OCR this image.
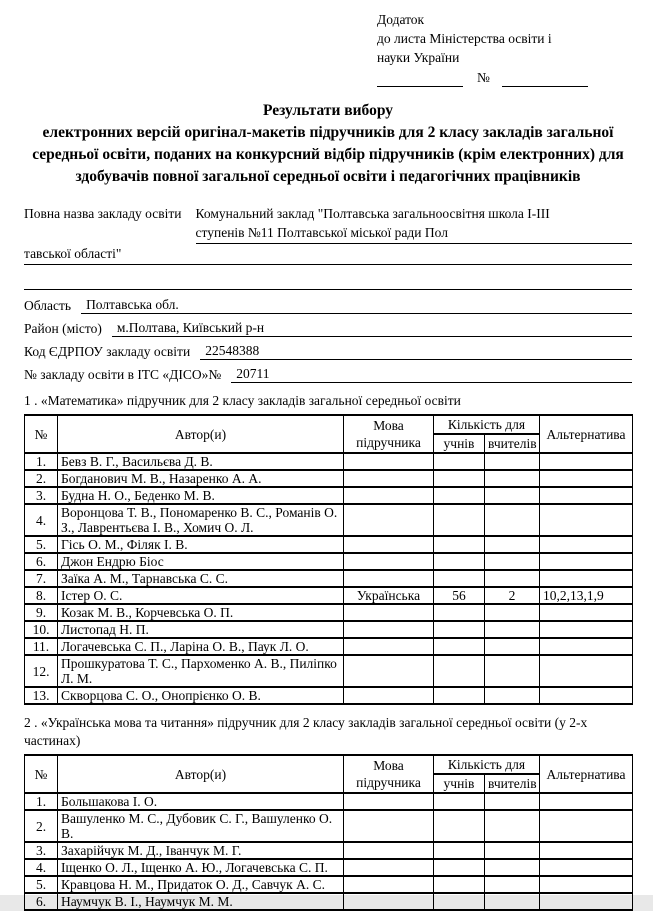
Додаток
до листа Міністерства освіти і
науки України
№
Результати вибору
електронних версій оригінал-макетів підручників для 2 класу закладів загальної середньої освіти, поданих на конкурсний відбір підручників (крім електронних) для здобувачів повної загальної середньої освіти і педагогічних працівників
Повна назва закладу освіти	Комунальний заклад "Полтавська загальноосвітня школа І-ІІІ
ступенів №11 Полтавської міської ради Пол
тавської області"
Область	Полтавська обл.
Район (місто)	м.Полтава, Київський р-н
Код ЄДРПОУ закладу освіти	22548388
№ закладу освіти в ІТС «ДІСО»№	20711
1 . «Математика» підручник для 2 класу закладів загальної середньої освіти
№	Автор(и)	Мова підручника	Кількість для		Альтернатива
			учнів	вчителів	
1.	Бевз В. Г., Васильєва Д. В.				
2.	Богданович М. В., Назаренко А. А.				
3.	Будна Н. О., Беденко М. В.				
4.	Воронцова Т. В., Пономаренко В. С., Романів О. З., Лаврентьєва І. В., Хомич О. Л.				
5.	Гісь О. М., Філяк І. В.				
6.	Джон Ендрю Біос				
7.	Заїка А. М., Тарнавська С. С.				
8.	Істер О. С.	Українська	56	2	10,2,13,1,9
9.	Козак М. В., Корчевська О. П.				
10.	Листопад Н. П.				
11.	Логачевська С. П., Ларіна О. В., Паук Л. О.				
12.	Прошкуратова Т. С., Пархоменко А. В., Пиліпко Л. М.				
13.	Скворцова С. О., Онопрієнко О. В.				
2 . «Українська мова та читання» підручник для 2 класу закладів загальної середньої освіти (у 2-х частинах)
№	Автор(и)	Мова підручника	Кількість для		Альтернатива
			учнів	вчителів	
1.	Большакова І. О.				
2.	Вашуленко М. С., Дубовик С. Г., Вашуленко О. В.				
3.	Захарійчук М. Д., Іванчук М. Г.				
4.	Іщенко О. Л., Іщенко А. Ю., Логачевська С. П.				
5.	Кравцова Н. М., Придаток О. Д., Савчук А. С.				
6.	Наумчук В. І., Наумчук М. М.				
